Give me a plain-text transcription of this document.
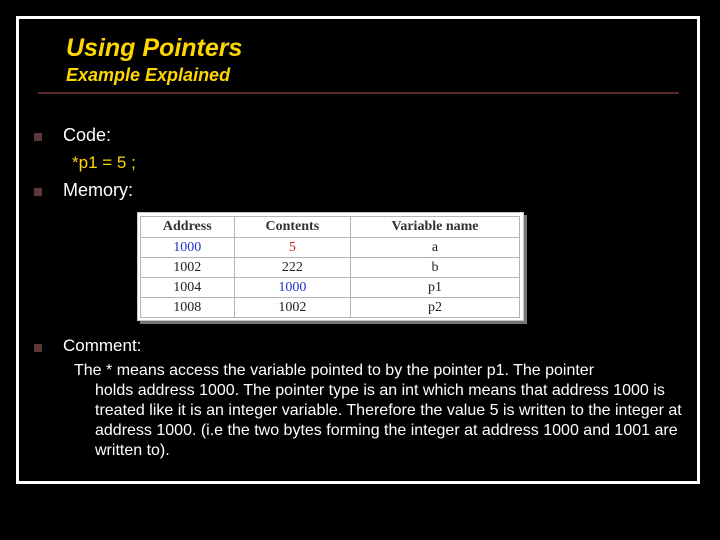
Using Pointers
Example Explained
Code:
*p1 = 5 ;
Memory:
Address	Contents	Variable name
1000	5	a
1002	222	b
1004	1000	p1
1008	1002	p2
Comment:
The * means access the variable pointed to by the pointer p1. The pointer
holds address 1000. The pointer type is an int which means that address 1000 is treated like it is an integer variable. Therefore the value 5 is written to the integer at address 1000. (i.e the two bytes forming the integer at address 1000 and 1001 are written to).
